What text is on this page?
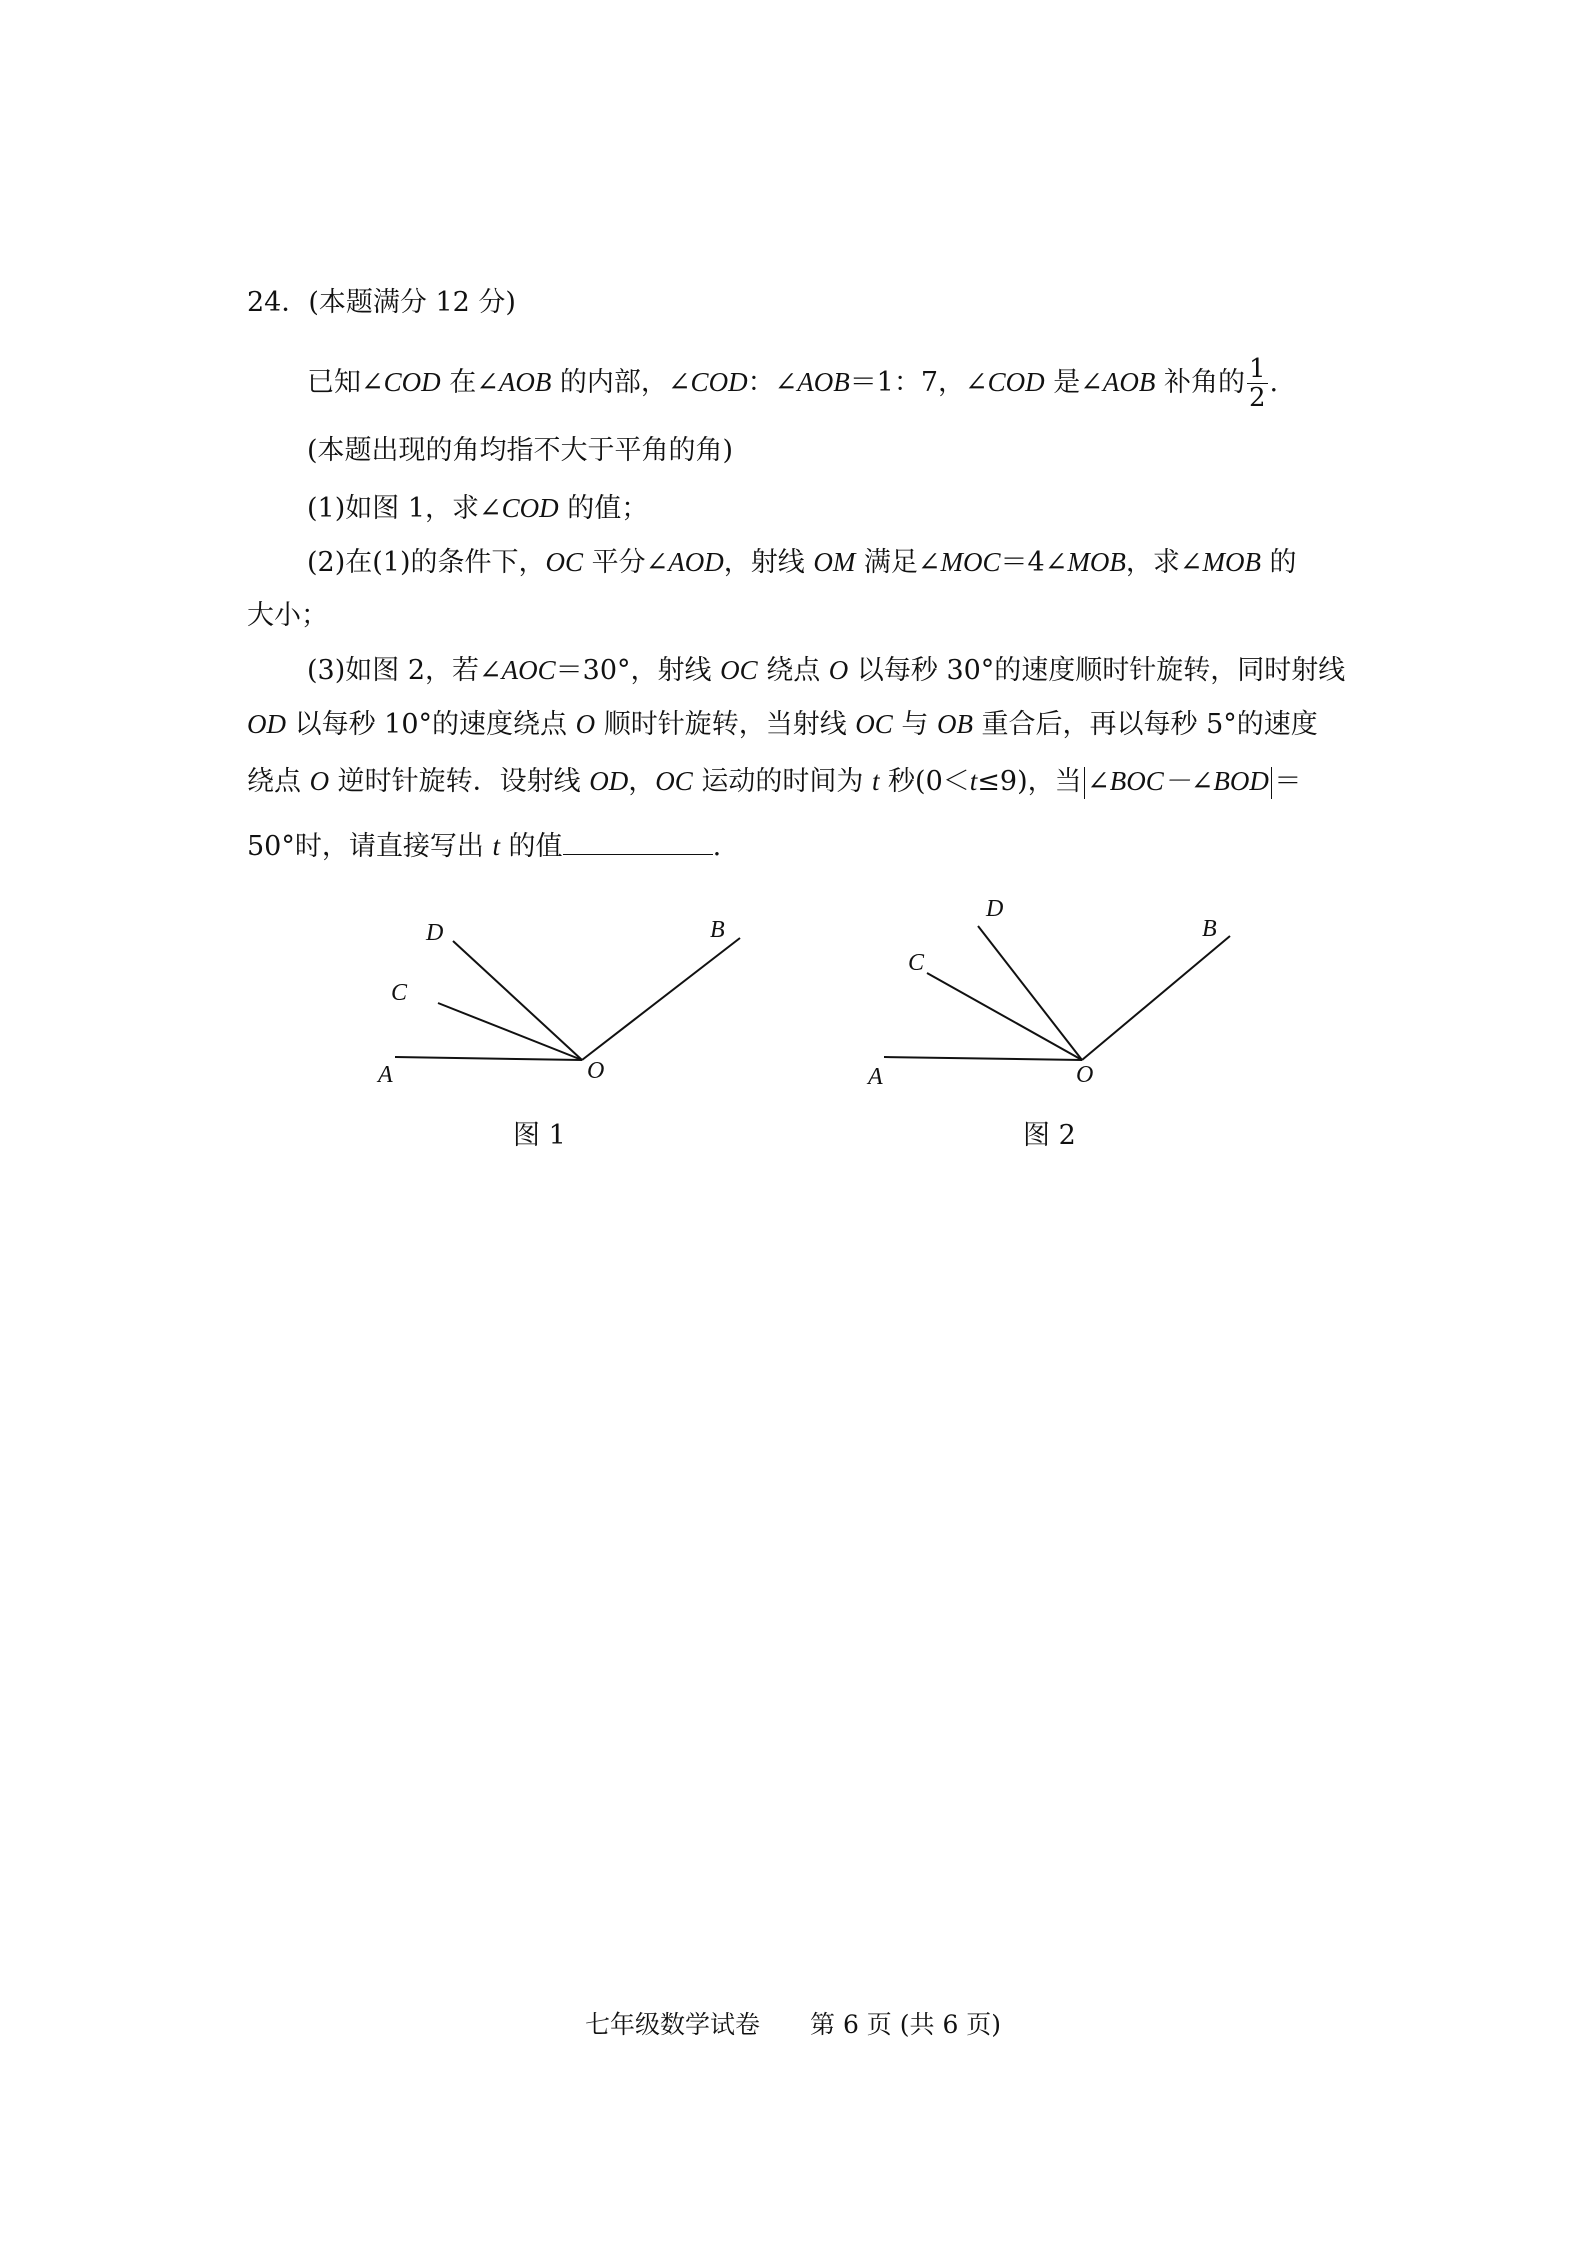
24．(本题满分 12 分)
已知∠COD 在∠AOB 的内部，∠COD：∠AOB＝1：7，∠COD 是∠AOB 补角的 $\frac{1}{2}$ .
(本题出现的角均指不大于平角的角)
(1)如图 1，求∠COD 的值；
(2)在(1)的条件下，OC 平分∠AOD，射线 OM 满足∠MOC＝4∠MOB，求∠MOB 的
大小；
(3)如图 2，若∠AOC＝30°，射线 OC 绕点 O 以每秒 30°的速度顺时针旋转，同时射线
OD 以每秒 10°的速度绕点 O 顺时针旋转，当射线 OC 与 OB 重合后，再以每秒 5°的速度
绕点 O 逆时针旋转．设射线 OD，OC 运动的时间为 t 秒(0＜t≤9)，当 ∠BOC－∠BOD ＝
50°时，请直接写出 t 的值	.
A
C
D	B
O
图 1
A
C
D
B
O
图 2
七年级数学试卷　　第 6 页 (共 6 页)
